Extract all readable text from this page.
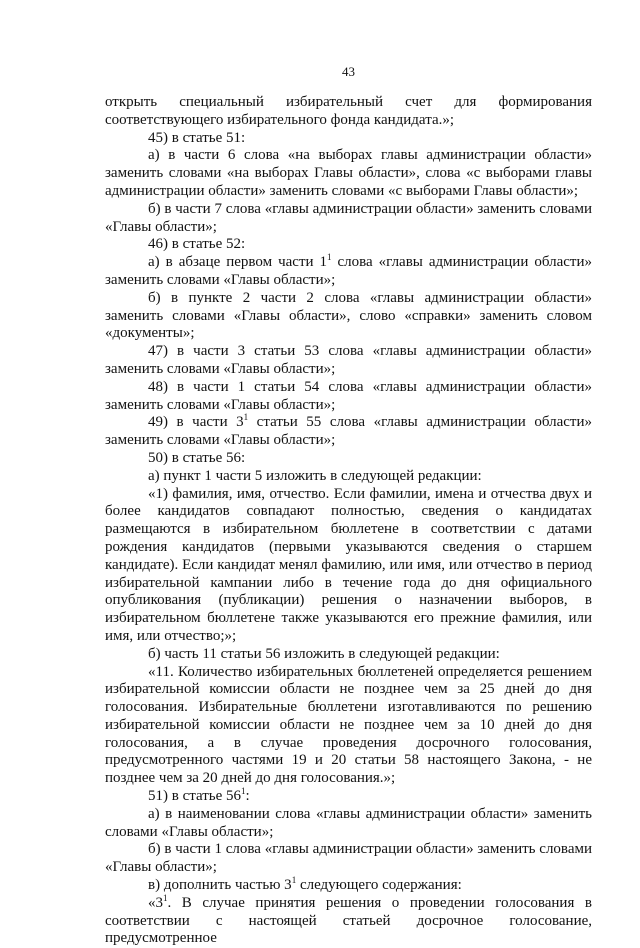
43

открыть специальный избирательный счет для формирования соответствующего избирательного фонда кандидата.»;

45) в статье 51:

а) в части 6 слова «на выборах главы администрации области» заменить словами «на выборах Главы области», слова «с выборами главы администрации области» заменить словами «с выборами Главы области»;

б) в части 7 слова «главы администрации области» заменить словами «Главы области»;

46) в статье 52:

а) в абзаце первом части $1^1$ слова «главы администрации области» заменить словами «Главы области»;

б) в пункте 2 части 2 слова «главы администрации области» заменить словами «Главы области», слово «справки» заменить словом «документы»;

47) в части 3 статьи 53 слова «главы администрации области» заменить словами «Главы области»;

48) в части 1 статьи 54 слова «главы администрации области» заменить словами «Главы области»;

49) в части $3^1$ статьи 55 слова «главы администрации области» заменить словами «Главы области»;

50) в статье 56:

а) пункт 1 части 5 изложить в следующей редакции:

«1) фамилия, имя, отчество. Если фамилии, имена и отчества двух и более кандидатов совпадают полностью, сведения о кандидатах размещаются в избирательном бюллетене в соответствии с датами рождения кандидатов (первыми указываются сведения о старшем кандидате). Если кандидат менял фамилию, или имя, или отчество в период избирательной кампании либо в течение года до дня официального опубликования (публикации) решения о назначении выборов, в избирательном бюллетене также указываются его прежние фамилия, или имя, или отчество;»;

б) часть 11 статьи 56 изложить в следующей редакции:

«11. Количество избирательных бюллетеней определяется решением избирательной комиссии области не позднее чем за 25 дней до дня голосования. Избирательные бюллетени изготавливаются по решению избирательной комиссии области не позднее чем за 10 дней до дня голосования, а в случае проведения досрочного голосования, предусмотренного частями 19 и 20 статьи 58 настоящего Закона, - не позднее чем за 20 дней до дня голосования.»;

51) в статье $56^1$:

а) в наименовании слова «главы администрации области» заменить словами «Главы области»;

б) в части 1 слова «главы администрации области» заменить словами «Главы области»;

в) дополнить частью $3^1$ следующего содержания:

«$3^1$. В случае принятия решения о проведении голосования в соответствии с настоящей статьей досрочное голосование, предусмотренное
